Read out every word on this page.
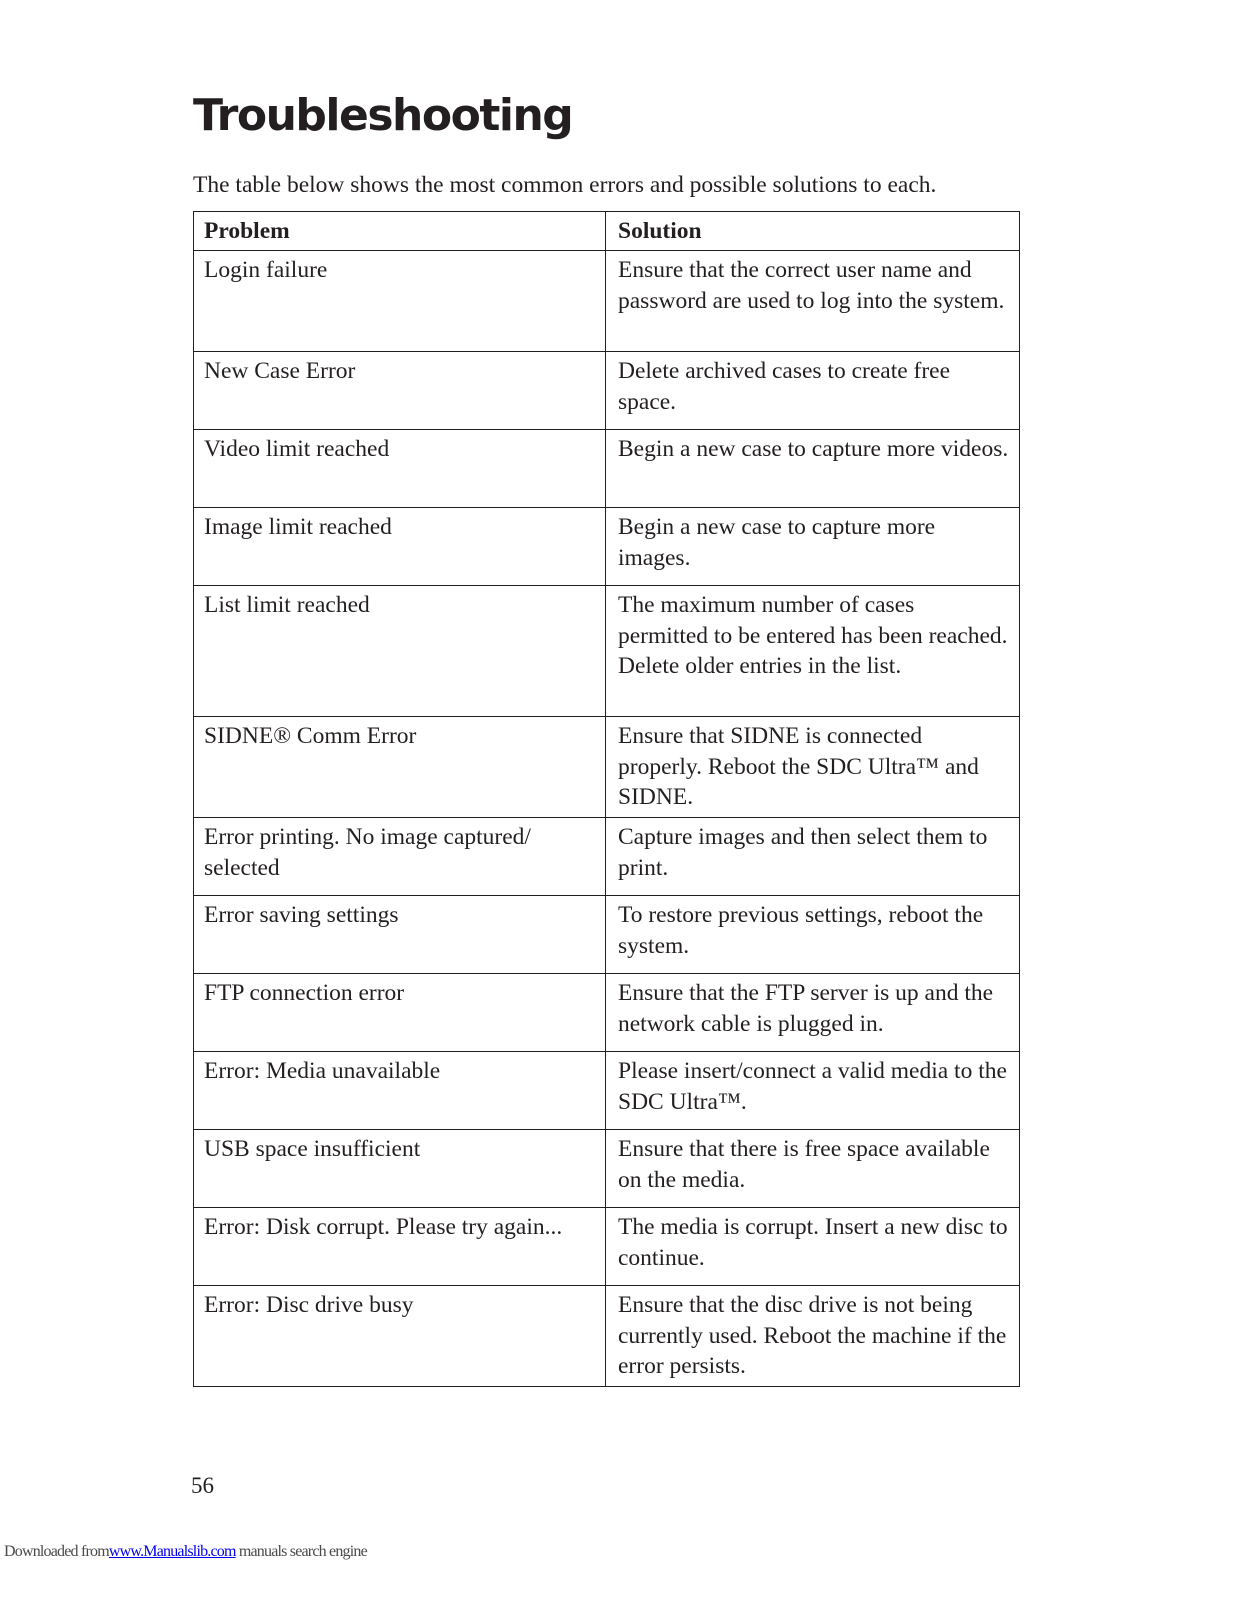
Troubleshooting

The table below shows the most common errors and possible solutions to each.

Problem	Solution
Login failure	Ensure that the correct user name and password are used to log into the system.
New Case Error	Delete archived cases to create free space.
Video limit reached	Begin a new case to capture more videos.
Image limit reached	Begin a new case to capture more images.
List limit reached	The maximum number of cases permitted to be entered has been reached. Delete older entries in the list.
SIDNE® Comm Error	Ensure that SIDNE is connected properly. Reboot the SDC Ultra™ and SIDNE.
Error printing. No image captured/ selected	Capture images and then select them to print.
Error saving settings	To restore previous settings, reboot the system.
FTP connection error	Ensure that the FTP server is up and the network cable is plugged in.
Error: Media unavailable	Please insert/connect a valid media to the SDC Ultra™.
USB space insufficient	Ensure that there is free space available on the media.
Error: Disk corrupt. Please try again...	The media is corrupt. Insert a new disc to continue.
Error: Disc drive busy	Ensure that the disc drive is not being currently used. Reboot the machine if the error persists.
56
Downloaded fromwww.Manualslib.com manuals search engine
